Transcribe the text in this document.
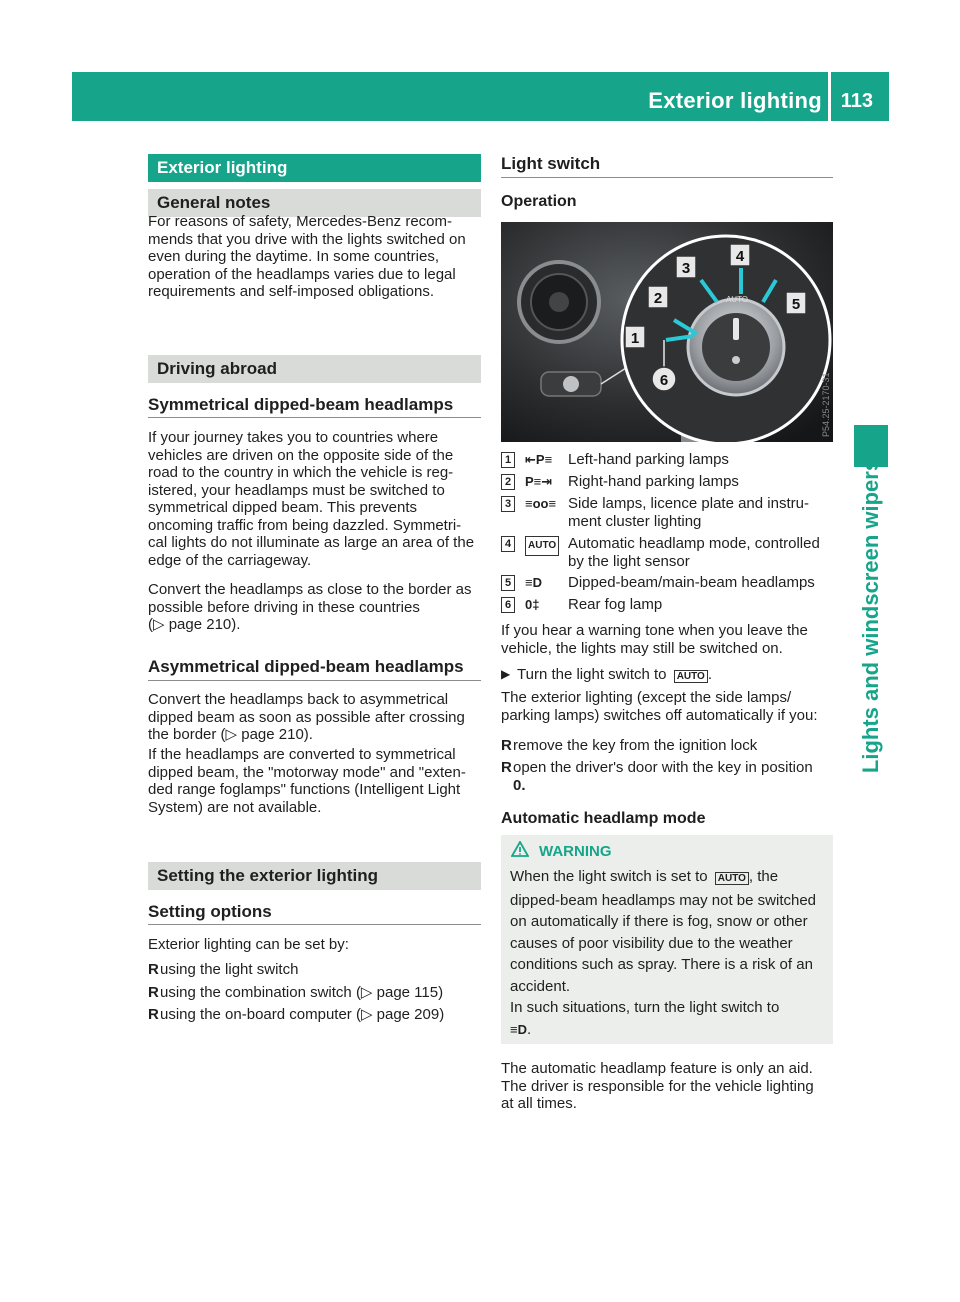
Exterior lighting 113
Lights and windscreen wipers
Exterior lighting
General notes
For reasons of safety, Mercedes-Benz recom-
mends that you drive with the lights switched on
even during the daytime. In some countries,
operation of the headlamps varies due to legal
requirements and self-imposed obligations.
Driving abroad
Symmetrical dipped-beam headlamps
If your journey takes you to countries where
vehicles are driven on the opposite side of the
road to the country in which the vehicle is reg-
istered, your headlamps must be switched to
symmetrical dipped beam. This prevents
oncoming traffic from being dazzled. Symmetri-
cal lights do not illuminate as large an area of the
edge of the carriageway.
Convert the headlamps as close to the border as
possible before driving in these countries
(▷ page 210).
Asymmetrical dipped-beam headlamps
Convert the headlamps back to asymmetrical
dipped beam as soon as possible after crossing
the border (▷ page 210).
If the headlamps are converted to symmetrical
dipped beam, the "motorway mode" and "exten-
ded range foglamps" functions (Intelligent Light
System) are not available.
Setting the exterior lighting
Setting options
Exterior lighting can be set by:
R using the light switch
R using the combination switch (▷ page 115)
R using the on-board computer (▷ page 209)
Light switch
Operation
AUTO
3
4
5
2
1
6	P54.25-2170-31
1	⇤P≡ Left-hand parking lamps
2	P≡⇥ Right-hand parking lamps
3	≡oo≡ Side lamps, licence plate and instru-
ment cluster lighting
4	AUTO Automatic headlamp mode, controlled
by the light sensor
5	≡D Dipped-beam/main-beam headlamps
6	0‡ Rear fog lamp
If you hear a warning tone when you leave the
vehicle, the lights may still be switched on.
▶ Turn the light switch to AUTO .
The exterior lighting (except the side lamps/
parking lamps) switches off automatically if you:
R remove the key from the ignition lock
R open the driver's door with the key in position
0.
Automatic headlamp mode
WARNING
When the light switch is set to AUTO , the
dipped-beam headlamps may not be switched
on automatically if there is fog, snow or other
causes of poor visibility due to the weather
conditions such as spray. There is a risk of an
accident.
In such situations, turn the light switch to
≡D.
The automatic headlamp feature is only an aid.
The driver is responsible for the vehicle lighting
at all times.
